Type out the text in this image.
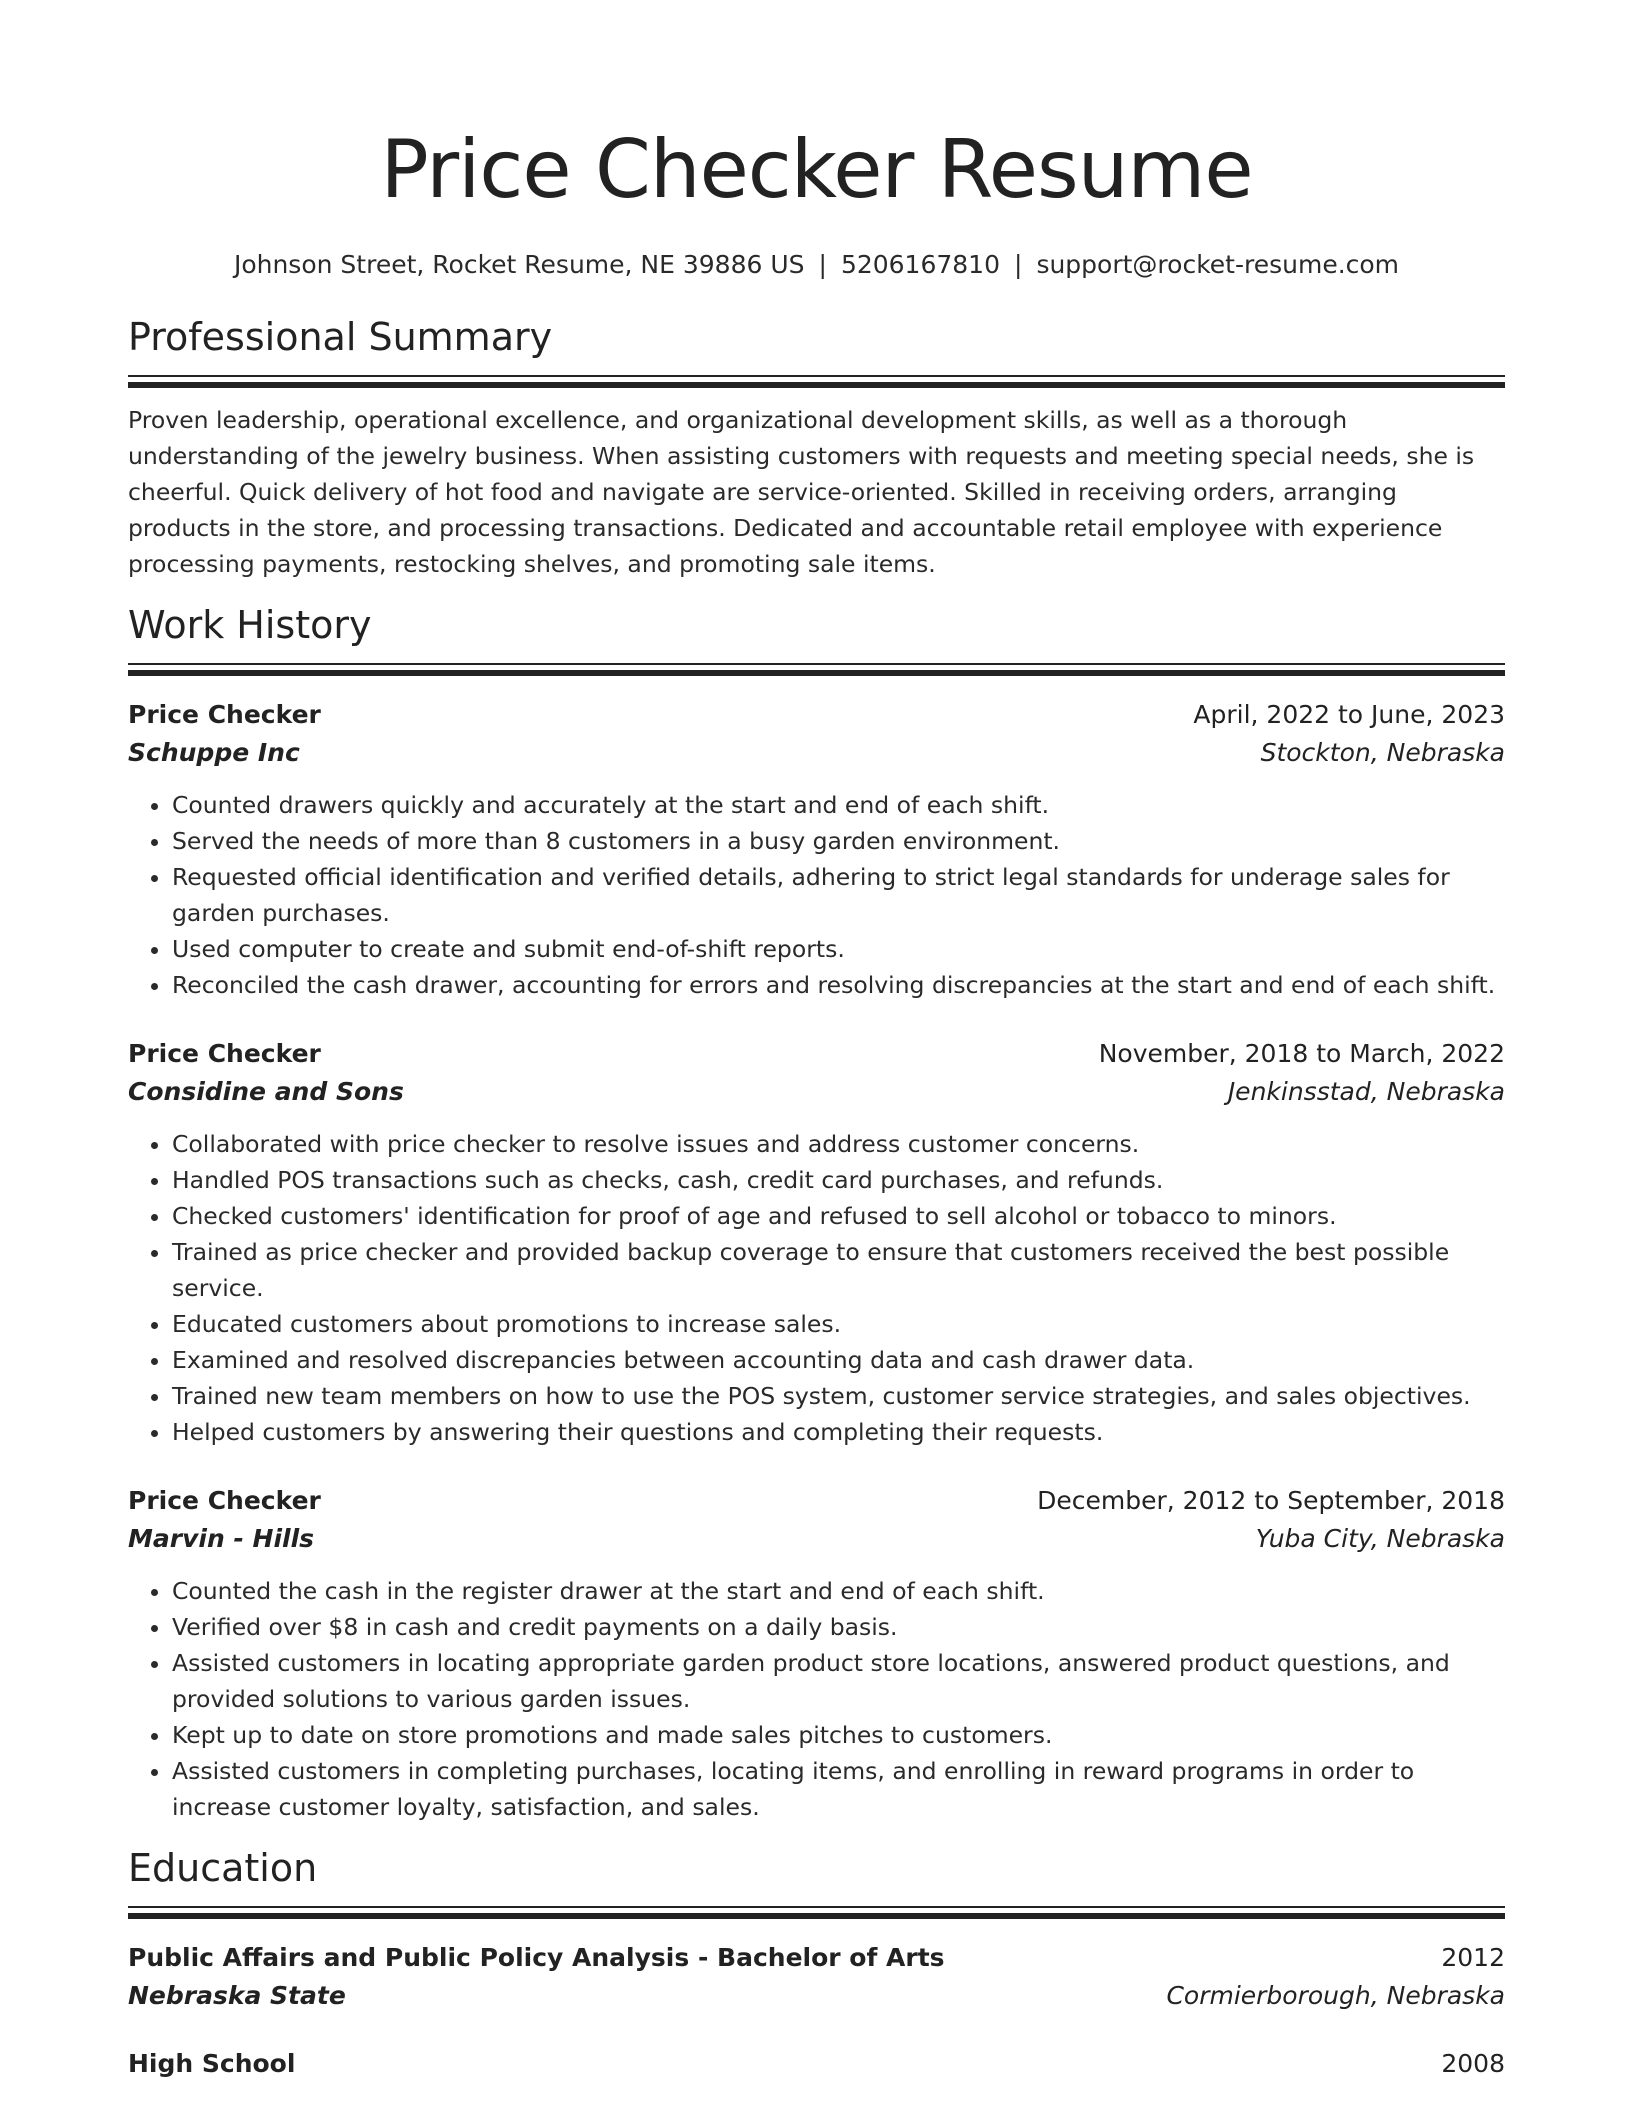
Price Checker Resume
Johnson Street, Rocket Resume, NE 39886 US | 5206167810 | support@rocket-resume.com
Professional Summary
Proven leadership, operational excellence, and organizational development skills, as well as a thorough understanding of the jewelry business. When assisting customers with requests and meeting special needs, she is cheerful. Quick delivery of hot food and navigate are service-oriented. Skilled in receiving orders, arranging products in the store, and processing transactions. Dedicated and accountable retail employee with experience processing payments, restocking shelves, and promoting sale items.
Work History
Price Checker	April, 2022 to June, 2023
Schuppe Inc	Stockton, Nebraska
• Counted drawers quickly and accurately at the start and end of each shift.
• Served the needs of more than 8 customers in a busy garden environment.
• Requested official identification and verified details, adhering to strict legal standards for underage sales for garden purchases.
• Used computer to create and submit end-of-shift reports.
• Reconciled the cash drawer, accounting for errors and resolving discrepancies at the start and end of each shift.
Price Checker	November, 2018 to March, 2022
Considine and Sons	Jenkinsstad, Nebraska
• Collaborated with price checker to resolve issues and address customer concerns.
• Handled POS transactions such as checks, cash, credit card purchases, and refunds.
• Checked customers' identification for proof of age and refused to sell alcohol or tobacco to minors.
• Trained as price checker and provided backup coverage to ensure that customers received the best possible service.
• Educated customers about promotions to increase sales.
• Examined and resolved discrepancies between accounting data and cash drawer data.
• Trained new team members on how to use the POS system, customer service strategies, and sales objectives.
• Helped customers by answering their questions and completing their requests.
Price Checker	December, 2012 to September, 2018
Marvin - Hills	Yuba City, Nebraska
• Counted the cash in the register drawer at the start and end of each shift.
• Verified over $8 in cash and credit payments on a daily basis.
• Assisted customers in locating appropriate garden product store locations, answered product questions, and provided solutions to various garden issues.
• Kept up to date on store promotions and made sales pitches to customers.
• Assisted customers in completing purchases, locating items, and enrolling in reward programs in order to increase customer loyalty, satisfaction, and sales.
Education
Public Affairs and Public Policy Analysis - Bachelor of Arts	2012
Nebraska State	Cormierborough, Nebraska
High School	2008
